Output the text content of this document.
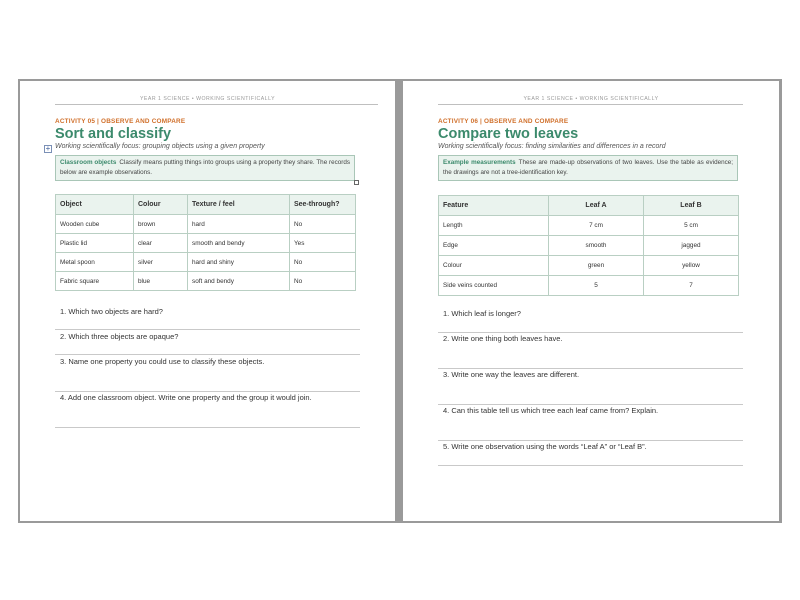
YEAR 1 SCIENCE • WORKING SCIENTIFICALLY
ACTIVITY 05 | OBSERVE AND COMPARE
Sort and classify
Working scientifically focus: grouping objects using a given property
Classroom objects Classify means putting things into groups using a property they share. The records below are example observations.
Object	Colour	Texture / feel	See-through?
Wooden cube	brown	hard	No
Plastic lid	clear	smooth and bendy	Yes
Metal spoon	silver	hard and shiny	No
Fabric square	blue	soft and bendy	No
1. Which two objects are hard?
2. Which three objects are opaque?
3. Name one property you could use to classify these objects.
4. Add one classroom object. Write one property and the group it would join.
YEAR 1 SCIENCE • WORKING SCIENTIFICALLY
ACTIVITY 06 | OBSERVE AND COMPARE
Compare two leaves
Working scientifically focus: finding similarities and differences in a record
Example measurements These are made-up observations of two leaves. Use the table as evidence; the drawings are not a tree-identification key.
Feature	Leaf A	Leaf B
Length	7 cm	5 cm
Edge	smooth	jagged
Colour	green	yellow
Side veins counted	5	7
1. Which leaf is longer?
2. Write one thing both leaves have.
3. Write one way the leaves are different.
4. Can this table tell us which tree each leaf came from? Explain.
5. Write one observation using the words “Leaf A” or “Leaf B”.
+
